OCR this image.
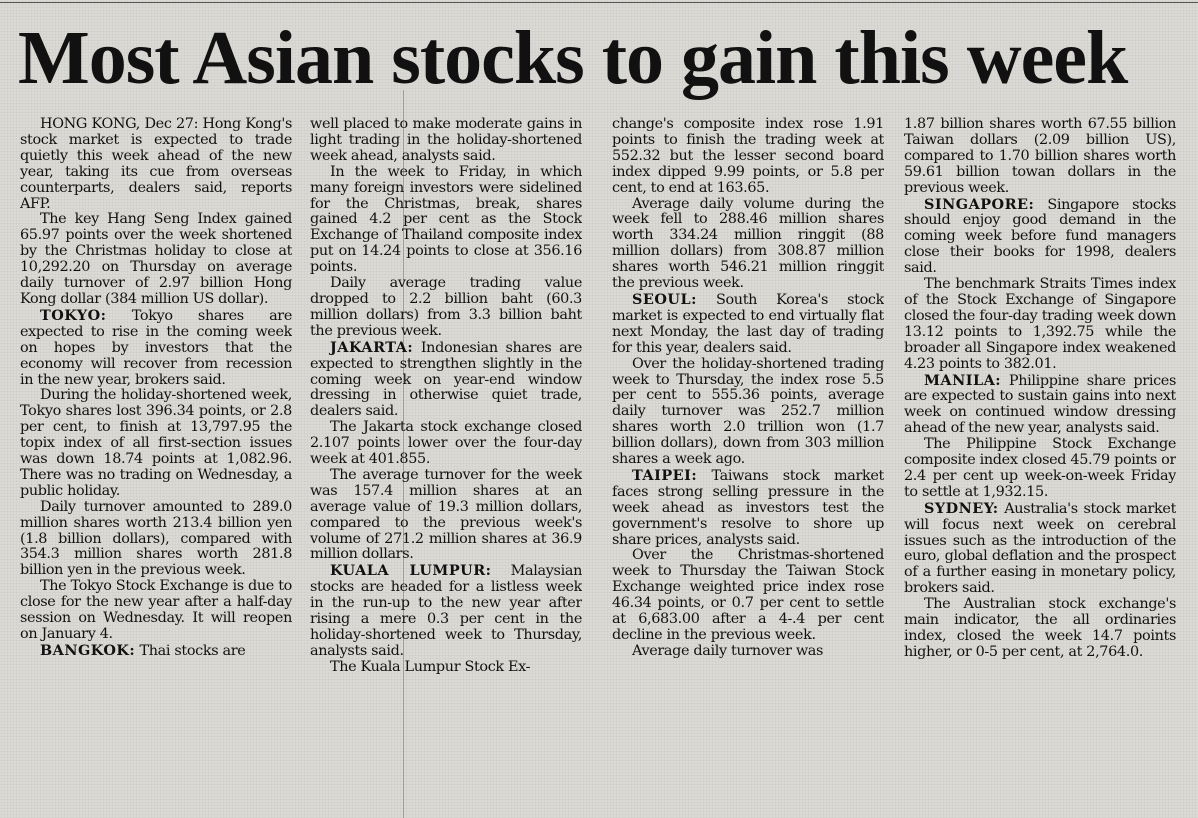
Most Asian stocks to gain this week

HONG KONG, Dec 27: Hong Kong's stock market is expected to trade quietly this week ahead of the new year, taking its cue from overseas counterparts, dealers said, reports AFP.

The key Hang Seng Index gained 65.97 points over the week shortened by the Christmas holiday to close at 10,292.20 on Thursday on average daily turnover of 2.97 billion Hong Kong dollar (384 million US dollar).

TOKYO: Tokyo shares are expected to rise in the coming week on hopes by investors that the economy will recover from recession in the new year, brokers said.

During the holiday-shortened week, Tokyo shares lost 396.34 points, or 2.8 per cent, to finish at 13,797.95 the topix index of all first-section issues was down 18.74 points at 1,082.96. There was no trading on Wednesday, a public holiday.

Daily turnover amounted to 289.0 million shares worth 213.4 billion yen (1.8 billion dollars), compared with 354.3 million shares worth 281.8 billion yen in the previous week.

The Tokyo Stock Exchange is due to close for the new year after a half-day session on Wednesday. It will reopen on January 4.

BANGKOK: Thai stocks are

well placed to make moderate gains in light trading in the holiday-shortened week ahead, analysts said.

In the week to Friday, in which many foreign investors were sidelined for the Christmas, break, shares gained 4.2 per cent as the Stock Exchange of Thailand composite index put on 14.24 points to close at 356.16 points.

Daily average trading value dropped to 2.2 billion baht (60.3 million dollars) from 3.3 billion baht the previous week.

JAKARTA: Indonesian shares are expected to strengthen slightly in the coming week on year-end window dressing in otherwise quiet trade, dealers said.

The Jakarta stock exchange closed 2.107 points lower over the four-day week at 401.855.

The average turnover for the week was 157.4 million shares at an average value of 19.3 million dollars, compared to the previous week's volume of 271.2 million shares at 36.9 million dollars.

KUALA LUMPUR: Malaysian stocks are headed for a listless week in the run-up to the new year after rising a mere 0.3 per cent in the holiday-shortened week to Thursday, analysts said.

The Kuala Lumpur Stock Ex-

change's composite index rose 1.91 points to finish the trading week at 552.32 but the lesser second board index dipped 9.99 points, or 5.8 per cent, to end at 163.65.

Average daily volume during the week fell to 288.46 million shares worth 334.24 million ringgit (88 million dollars) from 308.87 million shares worth 546.21 million ringgit the previous week.

SEOUL: South Korea's stock market is expected to end virtually flat next Monday, the last day of trading for this year, dealers said.

Over the holiday-shortened trading week to Thursday, the index rose 5.5 per cent to 555.36 points, average daily turnover was 252.7 million shares worth 2.0 trillion won (1.7 billion dollars), down from 303 million shares a week ago.

TAIPEI: Taiwans stock market faces strong selling pressure in the week ahead as investors test the government's resolve to shore up share prices, analysts said.

Over the Christmas-shortened week to Thursday the Taiwan Stock Exchange weighted price index rose 46.34 points, or 0.7 per cent to settle at 6,683.00 after a 4-.4 per cent decline in the previous week.

Average daily turnover was

1.87 billion shares worth 67.55 billion Taiwan dollars (2.09 billion US), compared to 1.70 billion shares worth 59.61 billion towan dollars in the previous week.

SINGAPORE: Singapore stocks should enjoy good demand in the coming week before fund managers close their books for 1998, dealers said.

The benchmark Straits Times index of the Stock Exchange of Singapore closed the four-day trading week down 13.12 points to 1,392.75 while the broader all Singapore index weakened 4.23 points to 382.01.

MANILA: Philippine share prices are expected to sustain gains into next week on continued window dressing ahead of the new year, analysts said.

The Philippine Stock Exchange composite index closed 45.79 points or 2.4 per cent up week-on-week Friday to settle at 1,932.15.

SYDNEY: Australia's stock market will focus next week on cerebral issues such as the introduction of the euro, global deflation and the prospect of a further easing in monetary policy, brokers said.

The Australian stock exchange's main indicator, the all ordinaries index, closed the week 14.7 points higher, or 0-5 per cent, at 2,764.0.
